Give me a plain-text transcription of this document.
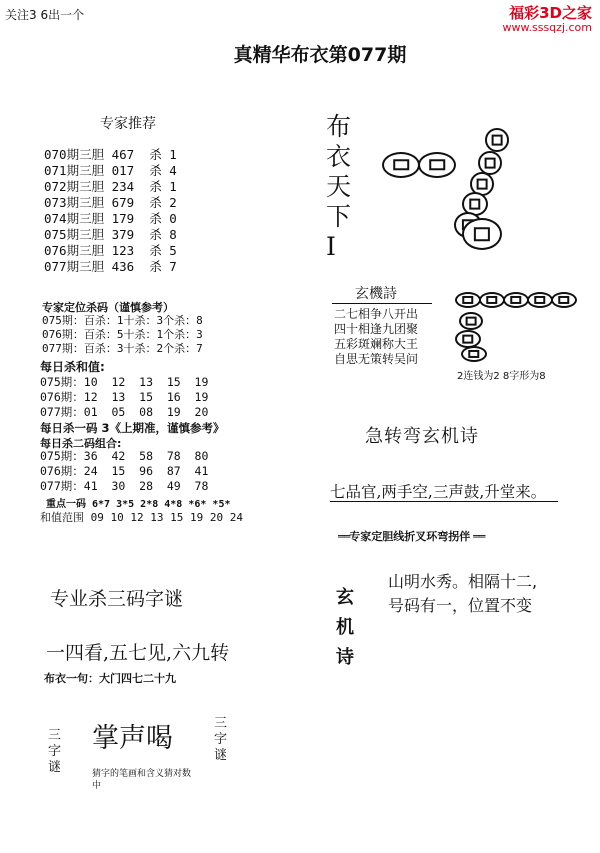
关注3 6出一个	福彩3D之家
www.sssqzj.com
真精华布衣第077期
专家推荐
070期三胆 467  杀 1
071期三胆 017  杀 4
072期三胆 234  杀 1
073期三胆 679  杀 2
074期三胆 179  杀 0
075期三胆 379  杀 8
076期三胆 123  杀 5
077期三胆 436  杀 7
专家定位杀码（谨慎参考）
075期：百杀：1十杀：3个杀：8
076期：百杀：5十杀：1个杀：3
077期：百杀：3十杀：2个杀：7
每日杀和值:
075期：10  12  13  15  19
076期：12  13  15  16  19
077期：01  05  08  19  20
每日杀一码 3《上期准，谨慎参考》
每日杀二码组合:
075期：36  42  58  78  80
076期：24  15  96  87  41
077期：41  30  28  49  78
重点一码 6*7 3*5 2*8 4*8 *6* *5*
和值范围 09 10 12 13 15 19 20 24
专业杀三码字谜
一四看,五七见,六九转
布衣一句：大门四七二十九
三字谜
掌声喝
猜字的笔画和含义猜对数中
三字谜
布衣天下Ⅰ
玄機詩
二七相争八开出
四十相逢九团聚
五彩斑斓称大王
自思无策转吴问
2连钱为2 8字形为8
急转弯玄机诗
七品官,两手空,三声鼓,升堂来。
══专家定胆线折叉环弯拐伴 ══
玄机诗
山明水秀。相隔十二,
号码有一，位置不变
